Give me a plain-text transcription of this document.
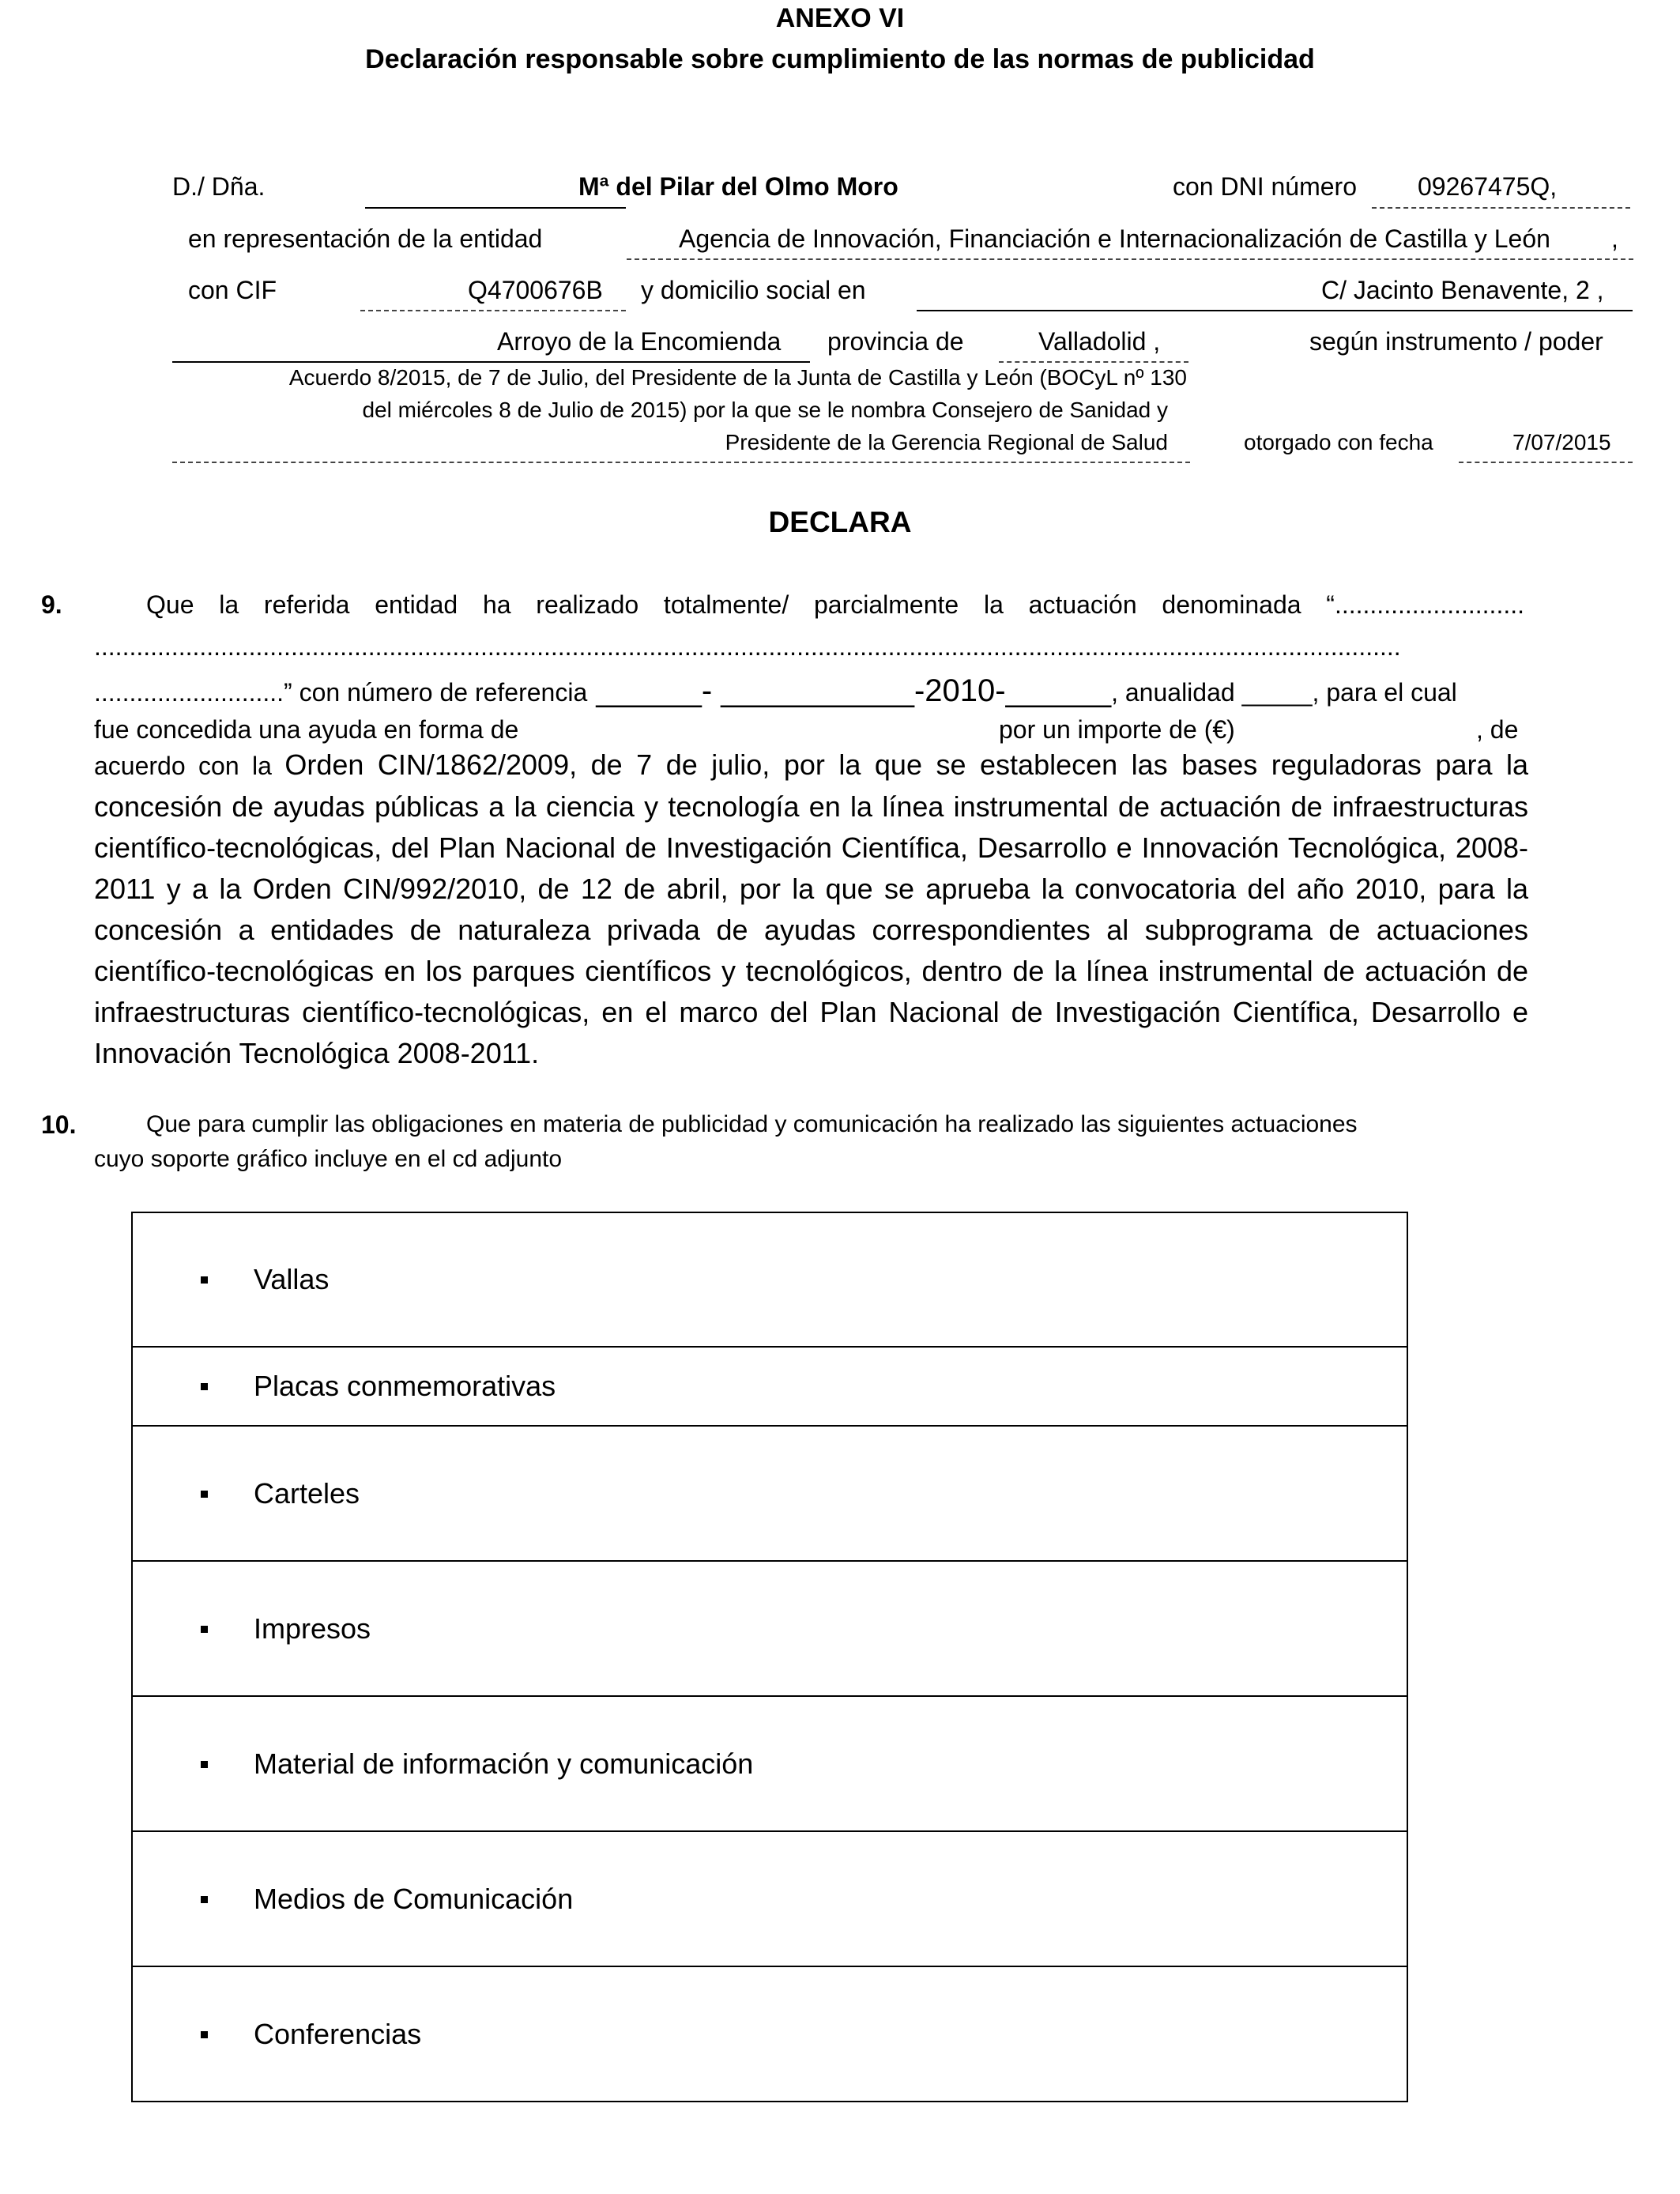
ANEXO VI
Declaración responsable sobre cumplimiento de las normas de publicidad
D./ Dña.	Mª del Pilar del Olmo Moro	con DNI número 09267475Q,
en representación de la entidad	Agencia de Innovación, Financiación e Internacionalización de Castilla y León ,
con CIF	Q4700676B y domicilio social en	C/ Jacinto Benavente, 2 ,
Arroyo de la Encomienda provincia de	Valladolid ,	según instrumento / poder
Acuerdo 8/2015, de 7 de Julio, del Presidente de la Junta de Castilla y León (BOCyL nº 130
del miércoles 8 de Julio de 2015) por la que se le nombra Consejero de Sanidad y
Presidente de la Gerencia Regional de Salud	otorgado con fecha	7/07/2015
DECLARA
9.	Que la referida entidad ha realizado totalmente/ parcialmente la actuación denominada “...........................
..........................................................................................................................................................................................
...........................” con número de referencia ______- ___________-2010-______, anualidad _____, para el cual
fue concedida una ayuda en forma de	por un importe de (€)	, de
acuerdo con la Orden CIN/1862/2009, de 7 de julio, por la que se establecen las bases reguladoras para la concesión de ayudas públicas a la ciencia y tecnología en la línea instrumental de actuación de infraestructuras científico-tecnológicas, del Plan Nacional de Investigación Científica, Desarrollo e Innovación Tecnológica, 2008-2011 y a la Orden CIN/992/2010, de 12 de abril, por la que se aprueba la convocatoria del año 2010, para la concesión a entidades de naturaleza privada de ayudas correspondientes al subprograma de actuaciones científico-tecnológicas en los parques científicos y tecnológicos, dentro de la línea instrumental de actuación de infraestructuras científico-tecnológicas, en el marco del Plan Nacional de Investigación Científica, Desarrollo e Innovación Tecnológica 2008-2011.
10.	Que para cumplir las obligaciones en materia de publicidad y comunicación ha realizado las siguientes actuaciones
cuyo soporte gráfico incluye en el cd adjunto
Vallas
Placas conmemorativas
Carteles
Impresos
Material de información y comunicación
Medios de Comunicación
Conferencias
